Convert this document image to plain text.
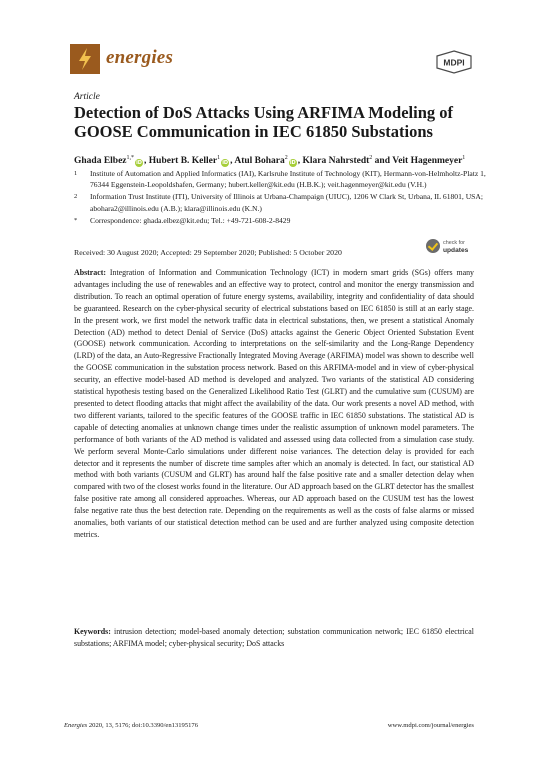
energies	MDPI
Article
Detection of DoS Attacks Using ARFIMA Modeling of GOOSE Communication in IEC 61850 Substations
Ghada Elbez$^{1,*}$iD , Hubert B. Keller$^1$iD , Atul Bohara$^2$iD , Klara Nahrstedt$^2$ and Veit Hagenmeyer$^1$
1 Institute of Automation and Applied Informatics (IAI), Karlsruhe Institute of Technology (KIT), Hermann-von-Helmholtz-Platz 1, 76344 Eggenstein-Leopoldshafen, Germany; hubert.keller@kit.edu (H.B.K.); veit.hagenmeyer@kit.edu (V.H.)
2 Information Trust Institute (ITI), University of Illinois at Urbana-Champaign (UIUC), 1206 W Clark St, Urbana, IL 61801, USA; abohara2@illinois.edu (A.B.); klara@illinois.edu (K.N.)
* Correspondence: ghada.elbez@kit.edu; Tel.: +49-721-608-2-8429
Received: 30 August 2020; Accepted: 29 September 2020; Published: 5 October 2020
check for
updates
Abstract: Integration of Information and Communication Technology (ICT) in modern smart grids (SGs) offers many advantages including the use of renewables and an effective way to protect, control and monitor the energy transmission and distribution. To reach an optimal operation of future energy systems, availability, integrity and confidentiality of data should be guaranteed. Research on the cyber-physical security of electrical substations based on IEC 61850 is still at an early stage. In the present work, we first model the network traffic data in electrical substations, then, we present a statistical Anomaly Detection (AD) method to detect Denial of Service (DoS) attacks against the Generic Object Oriented Substation Event (GOOSE) network communication. According to interpretations on the self-similarity and the Long-Range Dependency (LRD) of the data, an Auto-Regressive Fractionally Integrated Moving Average (ARFIMA) model was shown to describe well the GOOSE communication in the substation process network. Based on this ARFIMA-model and in view of cyber-physical security, an effective model-based AD method is developed and analyzed. Two variants of the statistical AD considering statistical hypothesis testing based on the Generalized Likelihood Ratio Test (GLRT) and the cumulative sum (CUSUM) are presented to detect flooding attacks that might affect the availability of the data. Our work presents a novel AD method, with two different variants, tailored to the specific features of the GOOSE traffic in IEC 61850 substations. The statistical AD is capable of detecting anomalies at unknown change times under the realistic assumption of unknown model parameters. The performance of both variants of the AD method is validated and assessed using data collected from a simulation case study. We perform several Monte-Carlo simulations under different noise variances. The detection delay is provided for each detector and it represents the number of discrete time samples after which an anomaly is detected. In fact, our statistical AD method with both variants (CUSUM and GLRT) has around half the false positive rate and a smaller detection delay when compared with two of the closest works found in the literature. Our AD approach based on the GLRT detector has the smallest false positive rate among all considered approaches. Whereas, our AD approach based on the CUSUM test has the lowest false negative rate thus the best detection rate. Depending on the requirements as well as the costs of false alarms or missed anomalies, both variants of our statistical detection method can be used and are further analyzed using composite detection metrics.
Keywords: intrusion detection; model-based anomaly detection; substation communication network; IEC 61850 electrical substations; ARFIMA model; cyber-physical security; DoS attacks
Energies 2020, 13, 5176; doi:10.3390/en13195176	www.mdpi.com/journal/energies
